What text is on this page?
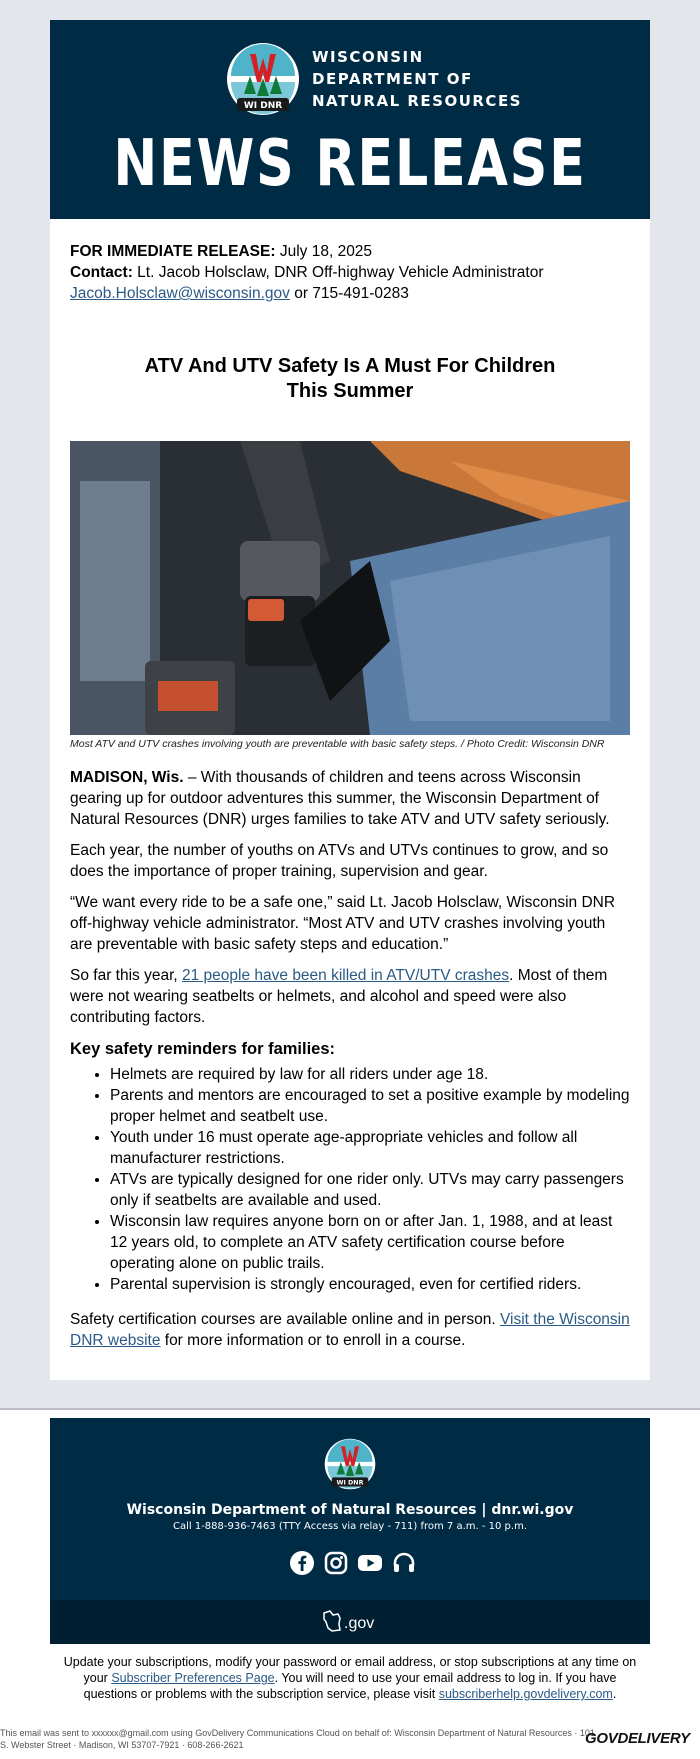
WI DNR
WISCONSIN
DEPARTMENT OF
NATURAL RESOURCES
NEWS RELEASE
FOR IMMEDIATE RELEASE: July 18, 2025
Contact: Lt. Jacob Holsclaw, DNR Off-highway Vehicle Administrator
Jacob.Holsclaw@wisconsin.gov or 715-491-0283
ATV And UTV Safety Is A Must For Children
This Summer
Most ATV and UTV crashes involving youth are preventable with basic safety steps. / Photo Credit: Wisconsin DNR

MADISON, Wis. – With thousands of children and teens across Wisconsin gearing up for outdoor adventures this summer, the Wisconsin Department of Natural Resources (DNR) urges families to take ATV and UTV safety seriously.

Each year, the number of youths on ATVs and UTVs continues to grow, and so does the importance of proper training, supervision and gear.

“We want every ride to be a safe one,” said Lt. Jacob Holsclaw, Wisconsin DNR off-highway vehicle administrator. “Most ATV and UTV crashes involving youth are preventable with basic safety steps and education.”

So far this year, 21 people have been killed in ATV/UTV crashes. Most of them were not wearing seatbelts or helmets, and alcohol and speed were also contributing factors.

Key safety reminders for families:
• Helmets are required by law for all riders under age 18.
• Parents and mentors are encouraged to set a positive example by modeling proper helmet and seatbelt use.
• Youth under 16 must operate age-appropriate vehicles and follow all manufacturer restrictions.
• ATVs are typically designed for one rider only. UTVs may carry passengers only if seatbelts are available and used.
• Wisconsin law requires anyone born on or after Jan. 1, 1988, and at least 12 years old, to complete an ATV safety certification course before operating alone on public trails.
• Parental supervision is strongly encouraged, even for certified riders.

Safety certification courses are available online and in person. Visit the Wisconsin DNR website for more information or to enroll in a course.

WI DNR
Wisconsin Department of Natural Resources | dnr.wi.gov
Call 1-888-936-7463 (TTY Access via relay - 711) from 7 a.m. - 10 p.m.
.gov
Update your subscriptions, modify your password or email address, or stop subscriptions at any time on your Subscriber Preferences Page. You will need to use your email address to log in. If you have questions or problems with the subscription service, please visit subscriberhelp.govdelivery.com.
This email was sent to xxxxxx@gmail.com using GovDelivery Communications Cloud on behalf of: Wisconsin Department of Natural Resources · 101 S. Webster Street · Madison, WI 53707-7921 · 608-266-2621	GOVDELIVERY
